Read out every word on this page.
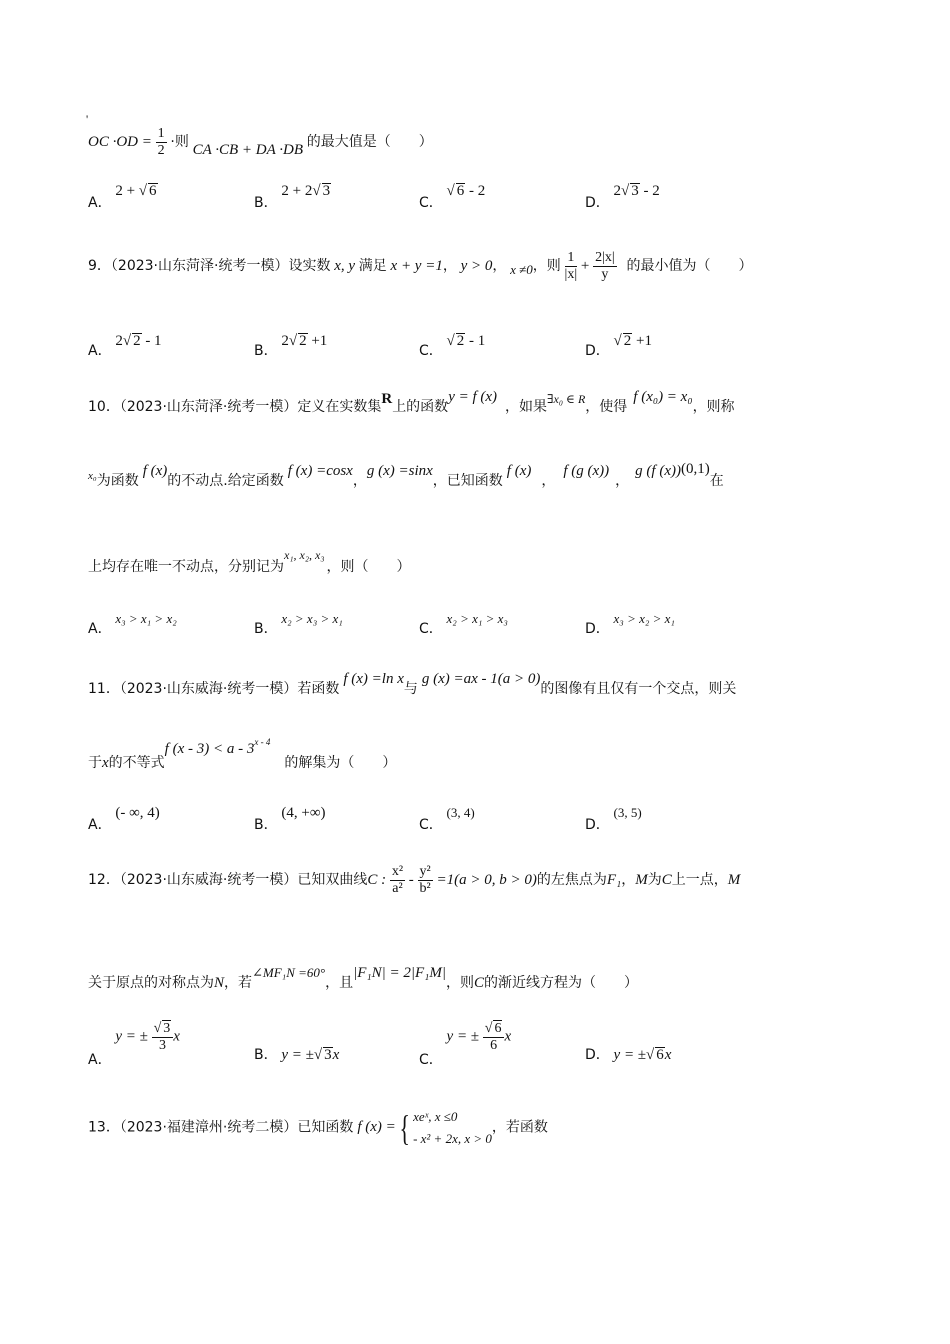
'
OC $\cdot OD = \frac{1}{2}$ ·则 CA ·CB + DA ·DB 的最大值是（　　）
A． 2 + √ 6
B． 2 + 2√ 3
C． √ 6 - 2
D． 2√ 3 - 2
9．（2023·山东菏泽·统考一模）设实数 x, y 满足 x + y =1， y > 0， x ≠0，则 $\frac{1}{|x|} + \frac{2|x|}{y}$ 的最小值为（　　）
A． 2√ 2 - 1
B． 2√ 2 +1
C． √ 2 - 1
D． √ 2 +1
10．（2023·山东菏泽·统考一模）定义在实数集R上的函数y = f (x)，如果$^{\exists x_0 \in R}$，使得f (x₀) = x₀，则称
$^{x_0}$为函数f (x)的不动点.给定函数f (x) =cosx，g (x) =sinx，已知函数f (x)，f (g (x))，g (f (x))(0,1)在
上均存在唯一不动点，分别记为$^{x_1, x_2, x_3}$，则（　　）
A． x₃ > x₁ > x₂
B． x₂ > x₃ > x₁
C． x₂ > x₁ > x₃
D． x₃ > x₂ > x₁
11．（2023·山东威海·统考一模）若函数f (x) =ln x与g (x) =ax - 1(a > 0)的图像有且仅有一个交点，则关
于x的不等式f (x - 3) < a - 3$^{x - 4}$的解集为（　　）
A． (- ∞, 4)
B． (4, +∞)
C． (3, 4)
D． (3, 5)
12．（2023·山东威海·统考一模）已知双曲线C : $\frac{\text{x²}}{\text{a²}} - \frac{\text{y²}}{\text{b²}} =1(a > 0$, b > 0)的左焦点为F₁，M为C上一点，M
关于原点的对称点为N，若∠MF₁N =60°，且|F₁N| = 2|F₁M|，则C的渐近线方程为（　　）
A． y = ± $\frac{√ 3}{3}$ x
B． y = ±√ 3x	C． y = ± $\frac{√ 6}{6}$ x
D． y = ±√ 6x
13．（2023·福建漳州·统考二模）已知函数 f (x) ={ xeˣ, x ≤0
- x² + 2x, x > 0
，若函数
